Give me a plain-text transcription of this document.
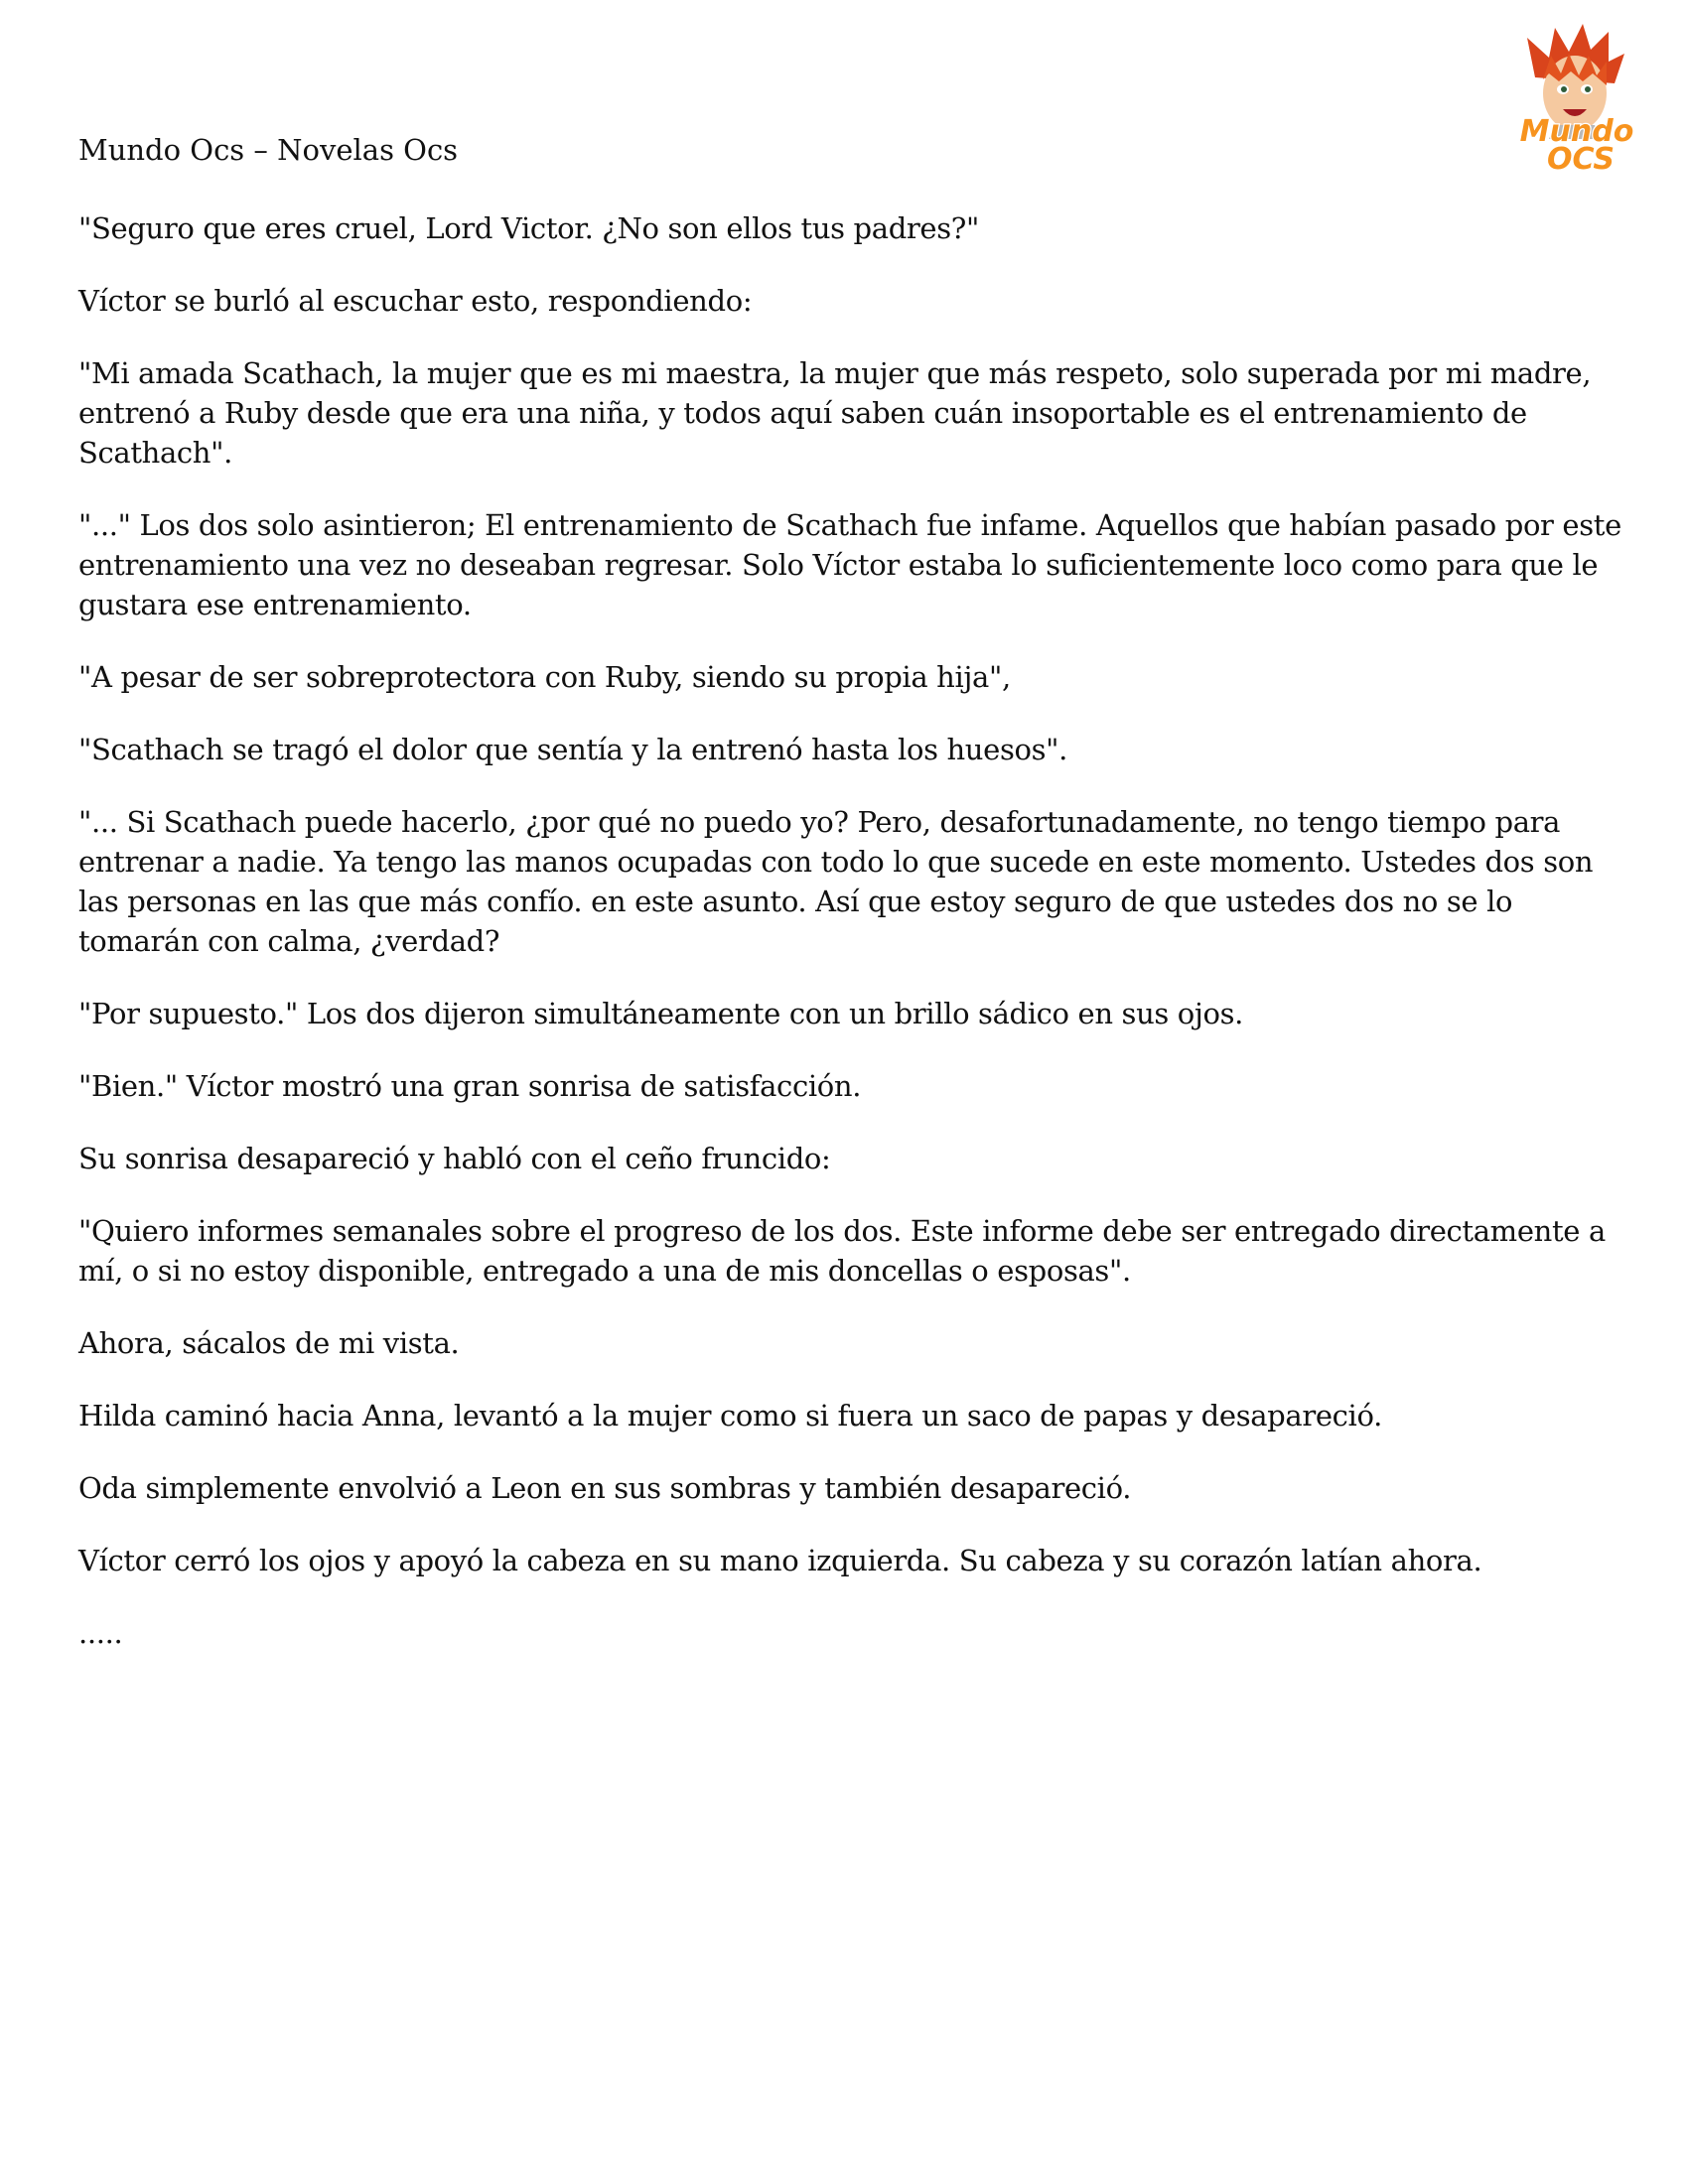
Mundo Ocs – Novelas Ocs

Mundo
OCS

"Seguro que eres cruel, Lord Victor. ¿No son ellos tus padres?"

Víctor se burló al escuchar esto, respondiendo:

"Mi amada Scathach, la mujer que es mi maestra, la mujer que más respeto, solo superada por mi madre, entrenó a Ruby desde que era una niña, y todos aquí saben cuán insoportable es el entrenamiento de Scathach".

"..." Los dos solo asintieron; El entrenamiento de Scathach fue infame. Aquellos que habían pasado por este entrenamiento una vez no deseaban regresar. Solo Víctor estaba lo suficientemente loco como para que le gustara ese entrenamiento.

"A pesar de ser sobreprotectora con Ruby, siendo su propia hija",

"Scathach se tragó el dolor que sentía y la entrenó hasta los huesos".

"... Si Scathach puede hacerlo, ¿por qué no puedo yo? Pero, desafortunadamente, no tengo tiempo para entrenar a nadie. Ya tengo las manos ocupadas con todo lo que sucede en este momento. Ustedes dos son las personas en las que más confío. en este asunto. Así que estoy seguro de que ustedes dos no se lo tomarán con calma, ¿verdad?

"Por supuesto." Los dos dijeron simultáneamente con un brillo sádico en sus ojos.

"Bien." Víctor mostró una gran sonrisa de satisfacción.

Su sonrisa desapareció y habló con el ceño fruncido:

"Quiero informes semanales sobre el progreso de los dos. Este informe debe ser entregado directamente a mí, o si no estoy disponible, entregado a una de mis doncellas o esposas".

Ahora, sácalos de mi vista.

Hilda caminó hacia Anna, levantó a la mujer como si fuera un saco de papas y desapareció.

Oda simplemente envolvió a Leon en sus sombras y también desapareció.

Víctor cerró los ojos y apoyó la cabeza en su mano izquierda. Su cabeza y su corazón latían ahora.

.....
